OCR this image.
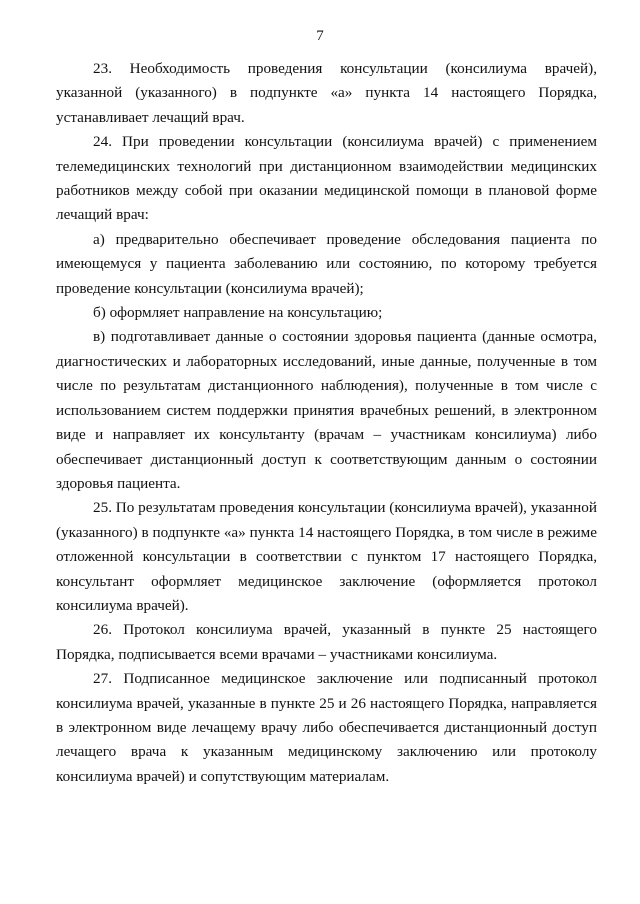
7

23. Необходимость проведения консультации (консилиума врачей), указанной (указанного) в подпункте «а» пункта 14 настоящего Порядка, устанавливает лечащий врач.

24. При проведении консультации (консилиума врачей) с применением телемедицинских технологий при дистанционном взаимодействии медицинских работников между собой при оказании медицинской помощи в плановой форме лечащий врач:

а) предварительно обеспечивает проведение обследования пациента по имеющемуся у пациента заболеванию или состоянию, по которому требуется проведение консультации (консилиума врачей);

б) оформляет направление на консультацию;

в) подготавливает данные о состоянии здоровья пациента (данные осмотра, диагностических и лабораторных исследований, иные данные, полученные в том числе по результатам дистанционного наблюдения), полученные в том числе с использованием систем поддержки принятия врачебных решений, в электронном виде и направляет их консультанту (врачам – участникам консилиума) либо обеспечивает дистанционный доступ к соответствующим данным о состоянии здоровья пациента.

25. По результатам проведения консультации (консилиума врачей), указанной (указанного) в подпункте «а» пункта 14 настоящего Порядка, в том числе в режиме отложенной консультации в соответствии с пунктом 17 настоящего Порядка, консультант оформляет медицинское заключение (оформляется протокол консилиума врачей).

26. Протокол консилиума врачей, указанный в пункте 25 настоящего Порядка, подписывается всеми врачами – участниками консилиума.

27. Подписанное медицинское заключение или подписанный протокол консилиума врачей, указанные в пункте 25 и 26 настоящего Порядка, направляется в электронном виде лечащему врачу либо обеспечивается дистанционный доступ лечащего врача к указанным медицинскому заключению или протоколу консилиума врачей) и сопутствующим материалам.
